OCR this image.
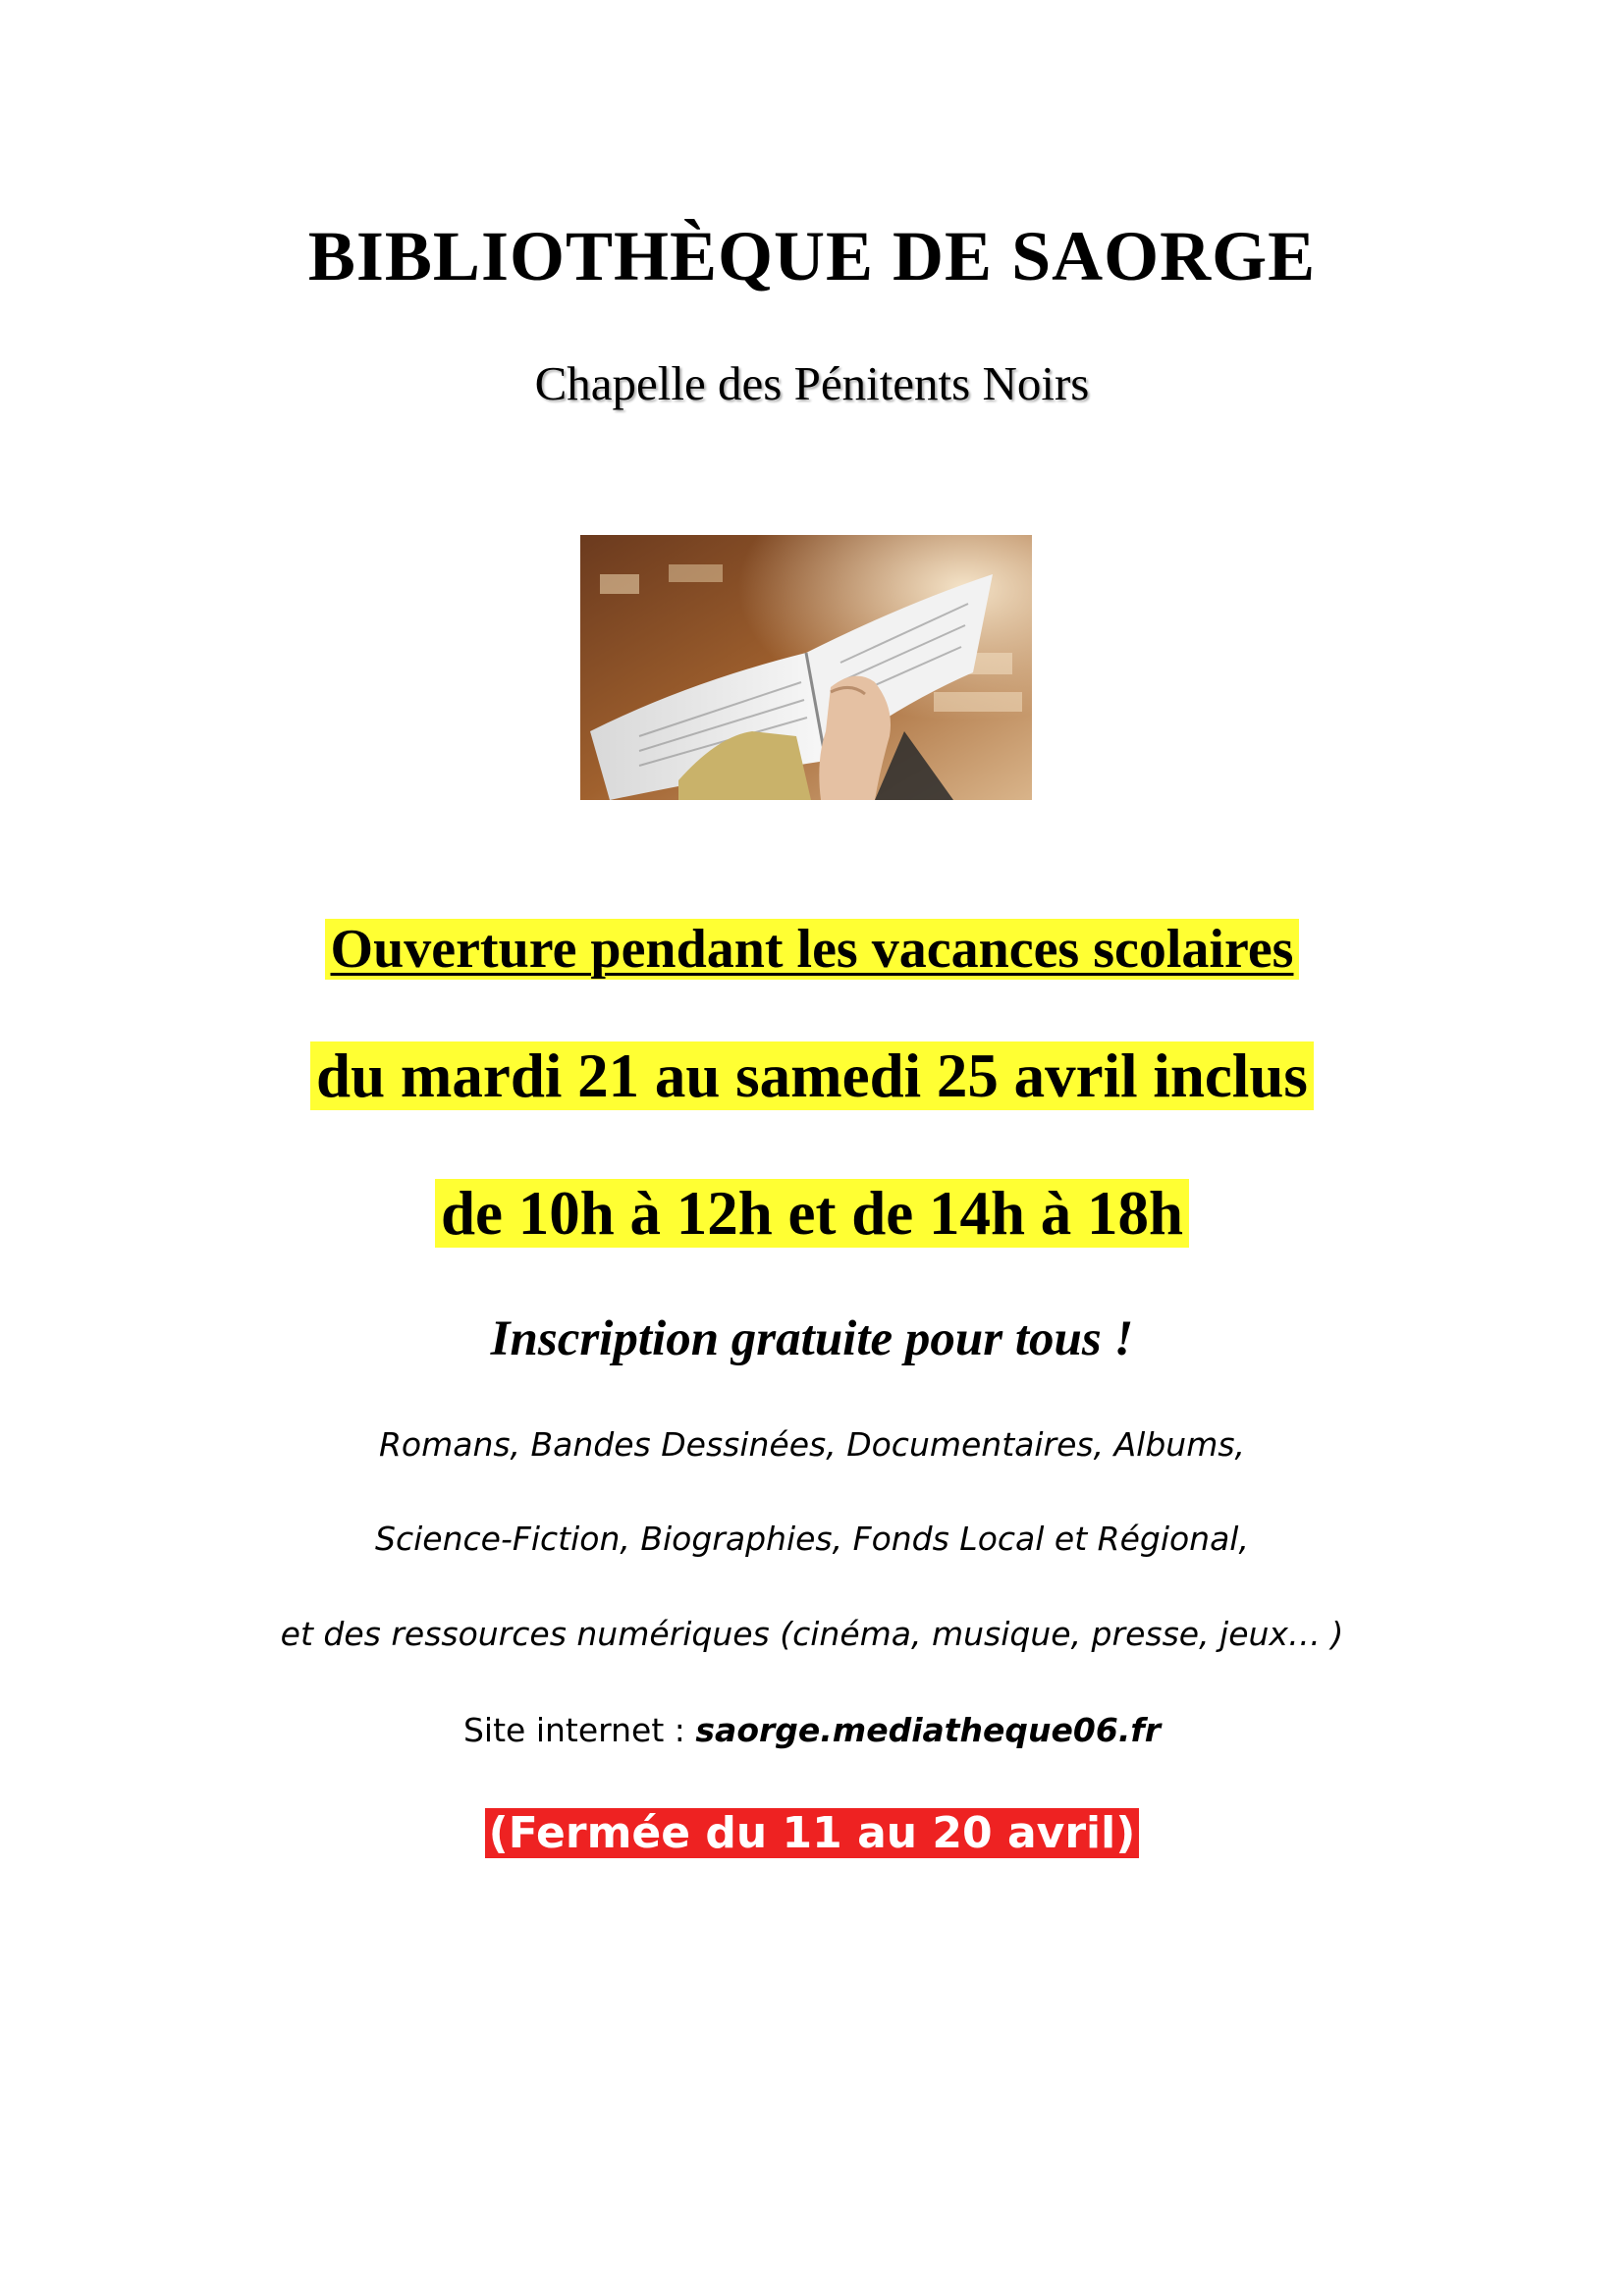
BIBLIOTHÈQUE DE SAORGE
Chapelle des Pénitents Noirs
Ouverture pendant les vacances scolaires
du mardi 21 au samedi 25 avril inclus
de 10h à 12h et de 14h à 18h
Inscription gratuite pour tous !
Romans, Bandes Dessinées, Documentaires, Albums,
Science-Fiction, Biographies, Fonds Local et Régional,
et des ressources numériques (cinéma, musique, presse, jeux… )
Site internet : saorge.mediatheque06.fr
(Fermée du 11 au 20 avril)
